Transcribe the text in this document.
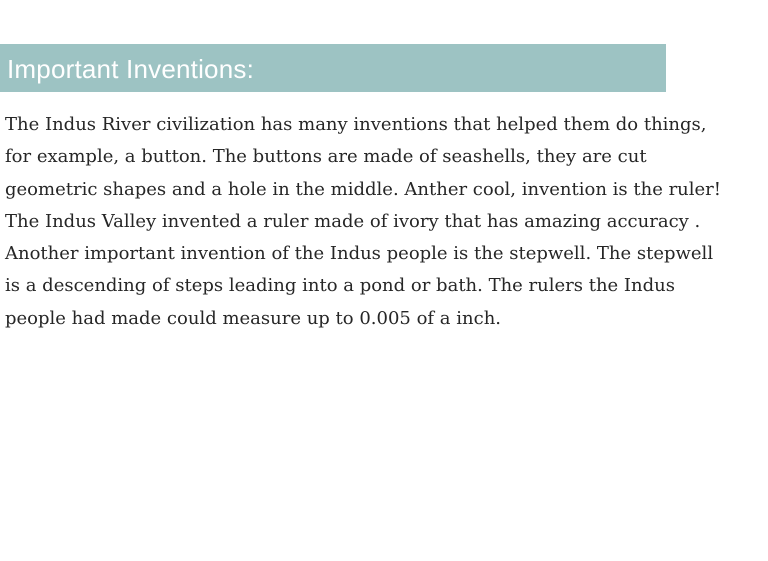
Important Inventions:
The Indus River civilization has many inventions that helped them do things,
for example, a button. The buttons are made of seashells, they are cut
geometric shapes and a hole in the middle. Anther cool, invention is the ruler!
The Indus Valley invented a ruler made of ivory that has amazing accuracy .
Another important invention of the Indus people is the stepwell. The stepwell
is a descending of steps leading into a pond or bath. The rulers the Indus
people had made could measure up to 0.005 of a inch.
